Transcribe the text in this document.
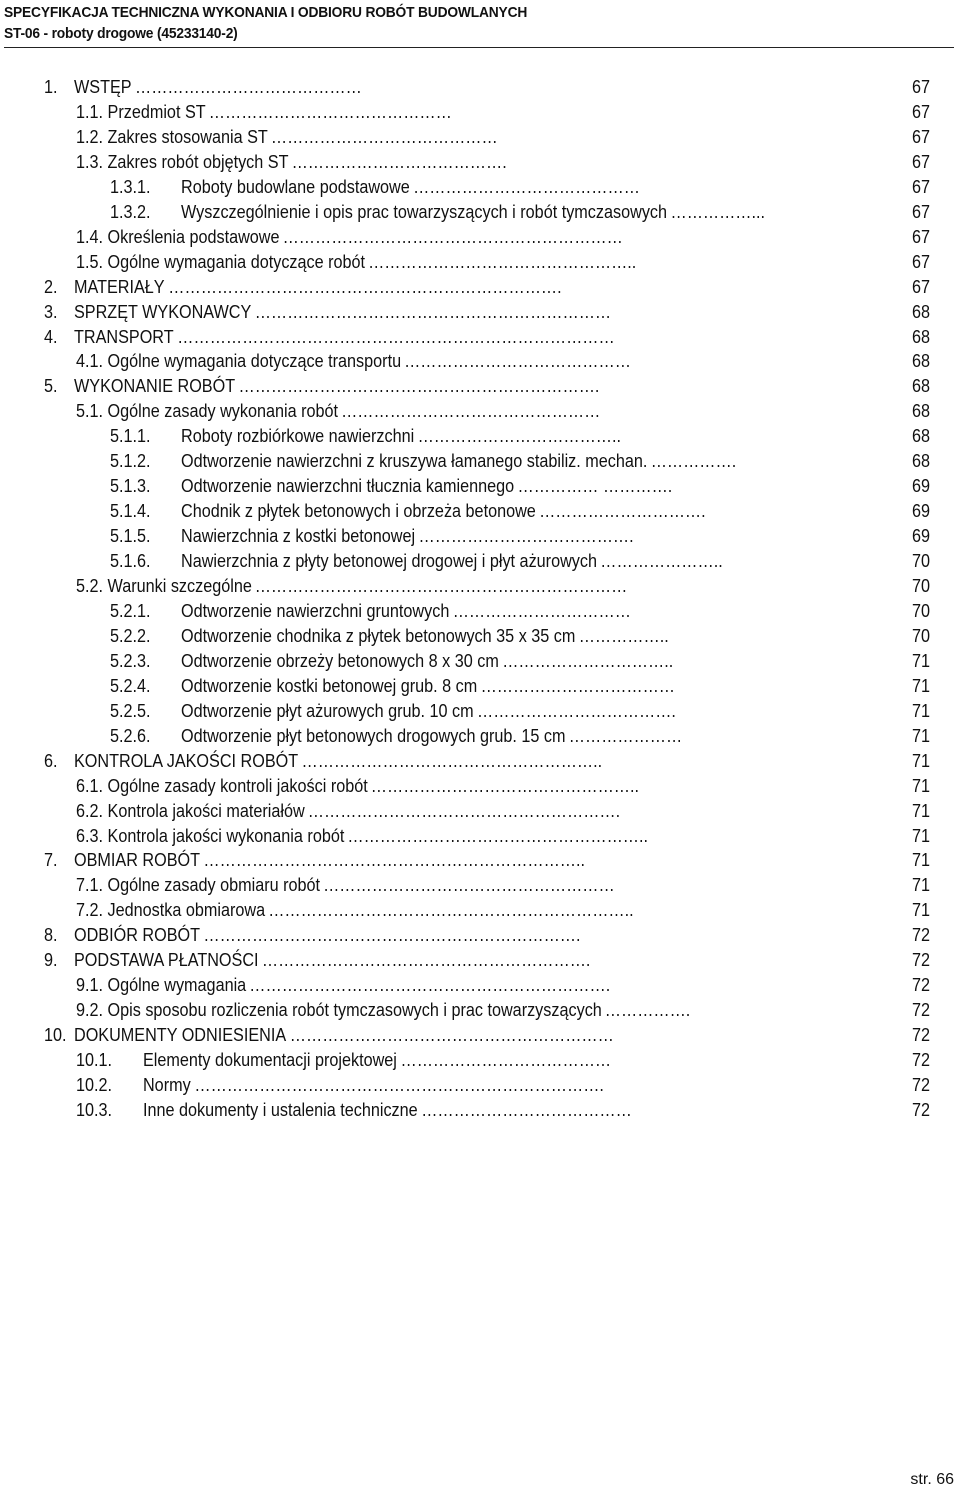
SPECYFIKACJA TECHNICZNA WYKONANIA I ODBIORU ROBÓT BUDOWLANYCH
ST-06 - roboty drogowe (45233140-2)
1. WSTĘP ……………………………………	67
1.1. Przedmiot ST ………………………………………	67
1.2. Zakres stosowania ST ……………………………………	67
1.3. Zakres robót objętych ST ………………………………….	67
1.3.1. Roboty budowlane podstawowe ……………………………………	67
1.3.2. Wyszczególnienie i opis prac towarzyszących i robót tymczasowych ……………...	67
1.4. Określenia podstawowe ………………………………………………………	67
1.5. Ogólne wymagania dotyczące robót …………………………………………..	67
2. MATERIAŁY ……………………………………………………………….	67
3. SPRZĘT WYKONAWCY …………………………………………………………	68
4. TRANSPORT ………………………………………………………………………	68
4.1. Ogólne wymagania dotyczące transportu ……………………………………	68
5. WYKONANIE ROBÓT ………………………………………………………….	68
5.1. Ogólne zasady wykonania robót …………………………………………	68
5.1.1. Roboty rozbiórkowe nawierzchni ………………………………..	68
5.1.2. Odtworzenie nawierzchni z kruszywa łamanego stabiliz. mechan. …………….	68
5.1.3. Odtworzenie nawierzchni tłucznia kamiennego …………… ………….	69
5.1.4. Chodnik z płytek betonowych i obrzeża betonowe ………………………….	69
5.1.5. Nawierzchnia z kostki betonowej ………………………………….	69
5.1.6. Nawierzchnia z płyty betonowej drogowej i płyt ażurowych …………………..	70
5.2. Warunki szczególne ……………………………………………………………	70
5.2.1. Odtworzenie nawierzchni gruntowych ……………………………	70
5.2.2. Odtworzenie chodnika z płytek betonowych 35 x 35 cm ……………..	70
5.2.3. Odtworzenie obrzeży betonowych 8 x 30 cm …………………………..	71
5.2.4. Odtworzenie kostki betonowej grub. 8 cm ………………………………	71
5.2.5. Odtworzenie płyt ażurowych grub. 10 cm ……………………………….	71
5.2.6. Odtworzenie płyt betonowych drogowych grub. 15 cm …………………	71
6. KONTROLA JAKOŚCI ROBÓT ………………………………………………..	71
6.1. Ogólne zasady kontroli jakości robót …………………………………………..	71
6.2. Kontrola jakości materiałów ………………………………………………….	71
6.3. Kontrola jakości wykonania robót ………………………………………………..	71
7. OBMIAR ROBÓT ……………………………………………………………..	71
7.1. Ogólne zasady obmiaru robót ………………………………………………	71
7.2. Jednostka obmiarowa …………………………………………………………..	71
8. ODBIÓR ROBÓT …………………………………………………………….	72
9. PODSTAWA PŁATNOŚCI …………………………………………………….	72
9.1. Ogólne wymagania ………………………………………………………….	72
9.2. Opis sposobu rozliczenia robót tymczasowych i prac towarzyszących …………….	72
10. DOKUMENTY ODNIESIENIA ……………………………………………………	72
10.1. Elementy dokumentacji projektowej …………………………………	72
10.2. Normy ………………………………………………………………….	72
10.3. Inne dokumenty i ustalenia techniczne …………………………………	72
str. 66
